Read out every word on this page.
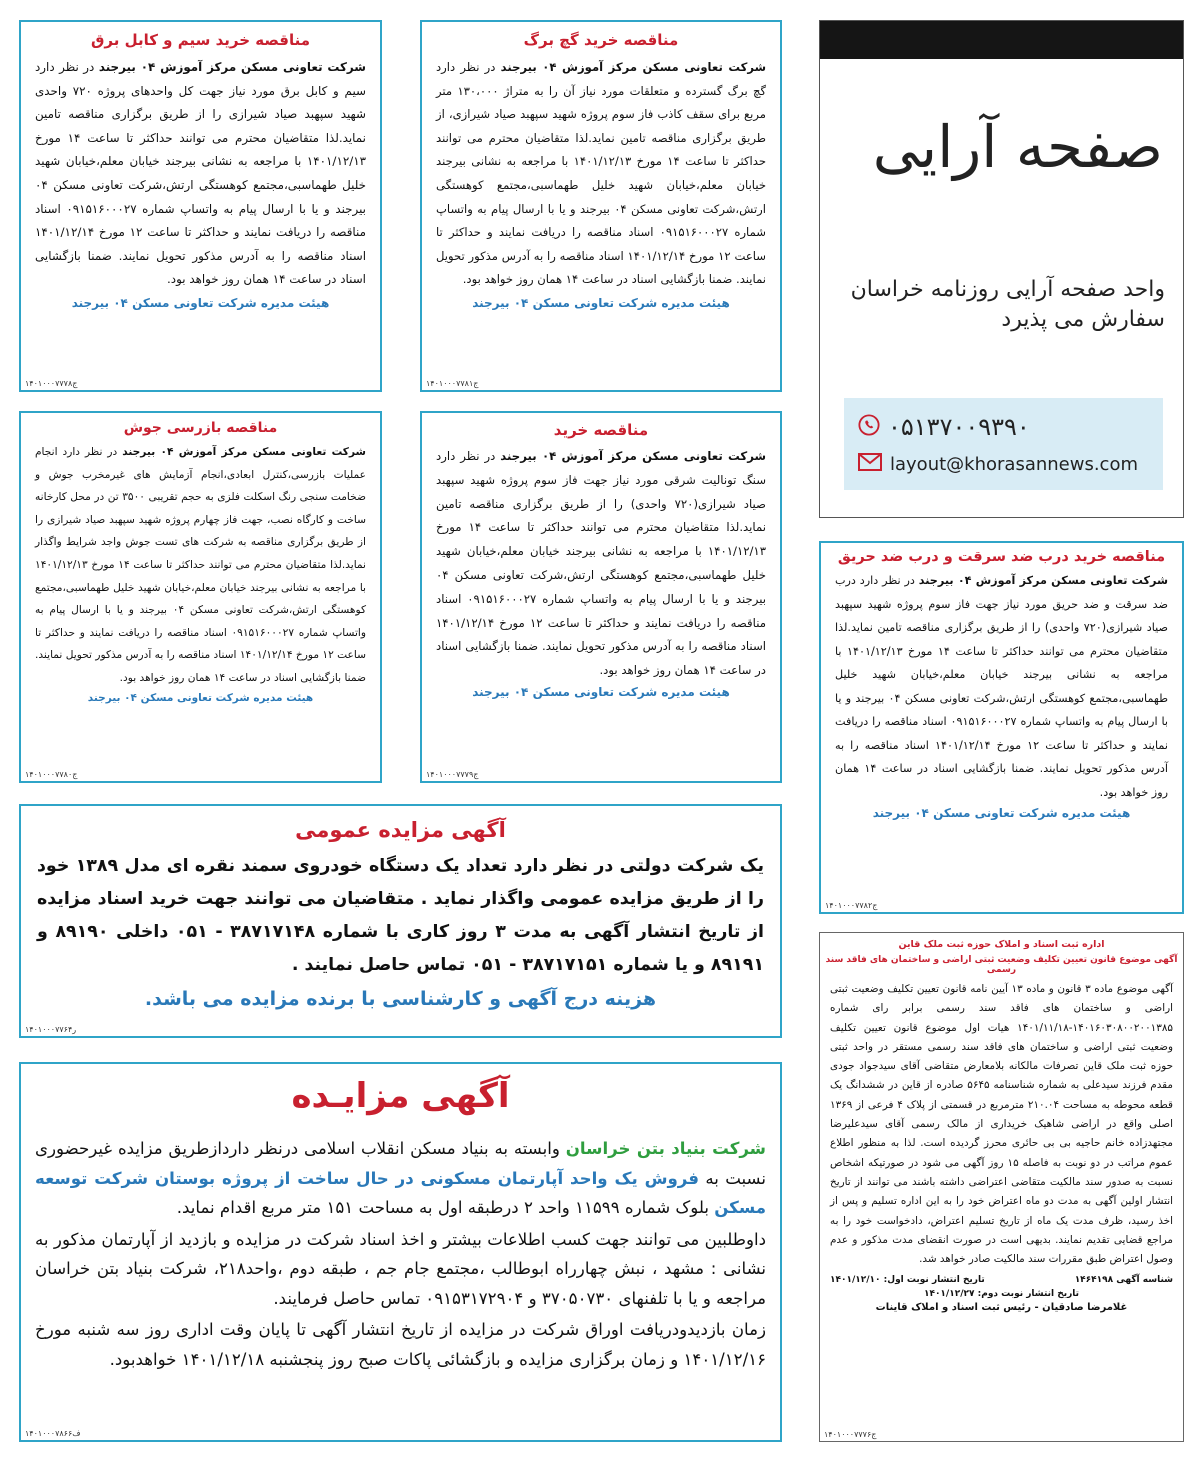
مناقصه خرید سیم و کابل برق

شرکت تعاونی مسکن مرکز آموزش ۰۴ بیرجند در نظر دارد سیم و کابل برق مورد نیاز جهت کل واحدهای پروژه ۷۲۰ واحدی شهید سپهبد صیاد شیرازی را از طریق برگزاری مناقصه تامین نماید.لذا متقاضیان محترم می توانند حداکثر تا ساعت ۱۴ مورخ ۱۴۰۱/۱۲/۱۳ با مراجعه به نشانی بیرجند خیابان معلم،خیابان شهید خلیل طهماسبی،مجتمع کوهستگی ارتش،شرکت تعاونی مسکن ۰۴ بیرجند و یا با ارسال پیام به واتساپ شماره ۰۹۱۵۱۶۰۰۰۲۷ اسناد مناقصه را دریافت نمایند و حداکثر تا ساعت ۱۲ مورخ ۱۴۰۱/۱۲/۱۴ اسناد مناقصه را به آدرس مذکور تحویل نمایند. ضمنا بازگشایی اسناد در ساعت ۱۴ همان روز خواهد بود.

هیئت مدیره شرکت تعاونی مسکن ۰۴ بیرجند
ج۱۴۰۱۰۰۰۷۷۷۸
مناقصه خرید گچ برگ

شرکت تعاونی مسکن مرکز آموزش ۰۴ بیرجند در نظر دارد گچ برگ گسترده و متعلقات مورد نیاز آن را به متراژ ۱۳۰،۰۰۰ متر مربع برای سقف کاذب فاز سوم پروژه شهید سپهبد صیاد شیرازی، از طریق برگزاری مناقصه تامین نماید.لذا متقاضیان محترم می توانند حداکثر تا ساعت ۱۴ مورخ ۱۴۰۱/۱۲/۱۳ با مراجعه به نشانی بیرجند خیابان معلم،خیابان شهید خلیل طهماسبی،مجتمع کوهستگی ارتش،شرکت تعاونی مسکن ۰۴ بیرجند و یا با ارسال پیام به واتساپ شماره ۰۹۱۵۱۶۰۰۰۲۷ اسناد مناقصه را دریافت نمایند و حداکثر تا ساعت ۱۲ مورخ ۱۴۰۱/۱۲/۱۴ اسناد مناقصه را به آدرس مذکور تحویل نمایند. ضمنا بازگشایی اسناد در ساعت ۱۴ همان روز خواهد بود.

هیئت مدیره شرکت تعاونی مسکن ۰۴ بیرجند
ج۱۴۰۱۰۰۰۷۷۸۱
صفحه آرایی
واحد صفحه آرایی روزنامه خراسان
سفارش می پذیرد
۰۵۱۳۷۰۰۹۳۹۰
layout@khorasannews.com
مناقصه بازرسی جوش

شرکت تعاونی مسکن مرکز آموزش ۰۴ بیرجند در نظر دارد انجام عملیات بازرسی،کنترل ابعادی،انجام آزمایش های غیرمخرب جوش و ضخامت سنجی رنگ اسکلت فلزی به حجم تقریبی ۳۵۰۰ تن در محل کارخانه ساخت و کارگاه نصب، جهت فاز چهارم پروژه شهید سپهبد صیاد شیرازی را از طریق برگزاری مناقصه به شرکت های تست جوش واجد شرایط واگذار نماید.لذا متقاضیان محترم می توانند حداکثر تا ساعت ۱۴ مورخ ۱۴۰۱/۱۲/۱۳ با مراجعه به نشانی بیرجند خیابان معلم،خیابان شهید خلیل طهماسبی،مجتمع کوهستگی ارتش،شرکت تعاونی مسکن ۰۴ بیرجند و یا با ارسال پیام به واتساپ شماره ۰۹۱۵۱۶۰۰۰۲۷ اسناد مناقصه را دریافت نمایند و حداکثر تا ساعت ۱۲ مورخ ۱۴۰۱/۱۲/۱۴ اسناد مناقصه را به آدرس مذکور تحویل نمایند. ضمنا بازگشایی اسناد در ساعت ۱۴ همان روز خواهد بود.

هیئت مدیره شرکت تعاونی مسکن ۰۴ بیرجند
ج۱۴۰۱۰۰۰۷۷۸۰
مناقصه خرید

شرکت تعاونی مسکن مرکز آموزش ۰۴ بیرجند در نظر دارد سنگ تونالیت شرقی مورد نیاز جهت فاز سوم پروژه شهید سپهبد صیاد شیرازی(۷۲۰ واحدی) را از طریق برگزاری مناقصه تامین نماید.لذا متقاضیان محترم می توانند حداکثر تا ساعت ۱۴ مورخ ۱۴۰۱/۱۲/۱۳ با مراجعه به نشانی بیرجند خیابان معلم،خیابان شهید خلیل طهماسبی،مجتمع کوهستگی ارتش،شرکت تعاونی مسکن ۰۴ بیرجند و یا با ارسال پیام به واتساپ شماره ۰۹۱۵۱۶۰۰۰۲۷ اسناد مناقصه را دریافت نمایند و حداکثر تا ساعت ۱۲ مورخ ۱۴۰۱/۱۲/۱۴ اسناد مناقصه را به آدرس مذکور تحویل نمایند. ضمنا بازگشایی اسناد در ساعت ۱۴ همان روز خواهد بود.

هیئت مدیره شرکت تعاونی مسکن ۰۴ بیرجند
ج۱۴۰۱۰۰۰۷۷۷۹
مناقصه خرید درب ضد سرقت و درب ضد حریق

شرکت تعاونی مسکن مرکز آموزش ۰۴ بیرجند در نظر دارد درب ضد سرقت و ضد حریق مورد نیاز جهت فاز سوم پروژه شهید سپهبد صیاد شیرازی(۷۲۰ واحدی) را از طریق برگزاری مناقصه تامین نماید.لذا متقاضیان محترم می توانند حداکثر تا ساعت ۱۴ مورخ ۱۴۰۱/۱۲/۱۳ با مراجعه به نشانی بیرجند خیابان معلم،خیابان شهید خلیل طهماسبی،مجتمع کوهستگی ارتش،شرکت تعاونی مسکن ۰۴ بیرجند و یا با ارسال پیام به واتساپ شماره ۰۹۱۵۱۶۰۰۰۲۷ اسناد مناقصه را دریافت نمایند و حداکثر تا ساعت ۱۲ مورخ ۱۴۰۱/۱۲/۱۴ اسناد مناقصه را به آدرس مذکور تحویل نمایند. ضمنا بازگشایی اسناد در ساعت ۱۴ همان روز خواهد بود.

هیئت مدیره شرکت تعاونی مسکن ۰۴ بیرجند
ج۱۴۰۱۰۰۰۷۷۸۲
آگهی مزایده عمومی

یک شرکت دولتی در نظر دارد تعداد یک دستگاه خودروی سمند نقره ای مدل ۱۳۸۹ خود را از طریق مزایده عمومی واگذار نماید . متقاضیان می توانند جهت خرید اسناد مزایده از تاریخ انتشار آگهی به مدت ۳ روز کاری با شماره ۳۸۷۱۷۱۴۸ - ۰۵۱ داخلی ۸۹۱۹۰ و ۸۹۱۹۱ و یا شماره ۳۸۷۱۷۱۵۱ - ۰۵۱ تماس حاصل نمایند .

هزینه درج آگهی و کارشناسی با برنده مزایده می باشد.
ر۱۴۰۱۰۰۰۷۷۶۴
آگهی مزایـده

شرکت بنیاد بتن خراسان وابسته به بنیاد مسکن انقلاب اسلامی درنظر داردازطریق مزایده غیرحضوری نسبت به فروش یک واحد آپارتمان مسکونی در حال ساخت از پروژه بوستان شرکت توسعه مسکن بلوک شماره ۱۱۵۹۹ واحد ۲ درطبقه اول به مساحت ۱۵۱ متر مربع اقدام نماید.

داوطلبین می توانند جهت کسب اطلاعات بیشتر و اخذ اسناد شرکت در مزایده و بازدید از آپارتمان مذکور به نشانی : مشهد ، نبش چهارراه ابوطالب ،مجتمع جام جم ، طبقه دوم ،واحد۲۱۸، شرکت بنیاد بتن خراسان مراجعه و یا با تلفنهای ۳۷۰۵۰۷۳۰ و ۰۹۱۵۳۱۷۲۹۰۴ تماس حاصل فرمایند.

زمان بازدیدودریافت اوراق شرکت در مزایده از تاریخ انتشار آگهی تا پایان وقت اداری روز سه شنبه مورخ ۱۴۰۱/۱۲/۱۶ و زمان برگزاری مزایده و بازگشائی پاکات صبح روز پنجشنبه ۱۴۰۱/۱۲/۱۸ خواهدبود.

ف۱۴۰۱۰۰۰۷۸۶۶
اداره ثبت اسناد و املاک حوزه ثبت ملک قاین
آگهی موضوع قانون تعیین تکلیف وضعیت ثبتی اراضی و ساختمان های فاقد سند رسمی

آگهی موضوع ماده ۳ قانون و ماده ۱۳ آیین نامه قانون تعیین تکلیف وضعیت ثبتی اراضی و ساختمان های فاقد سند رسمی برابر رای شماره ۱۴۰۱۶۰۳۰۸۰۰۲۰۰۱۳۸۵-۱۴۰۱/۱۱/۱۸ هیات اول موضوع قانون تعیین تکلیف وضعیت ثبتی اراضی و ساختمان های فاقد سند رسمی مستقر در واحد ثبتی حوزه ثبت ملک قاین تصرفات مالکانه بلامعارض متقاضی آقای سیدجواد جودی مقدم فرزند سیدعلی به شماره شناسنامه ۵۶۴۵ صادره از قاین در ششدانگ یک قطعه محوطه به مساحت ۲۱۰.۰۴ مترمربع در قسمتی از پلاک ۴ فرعی از ۱۳۶۹ اصلی واقع در اراضی شاهیک خریداری از مالک رسمی آقای سیدعلیرضا مجتهدزاده خانم حاجیه بی بی حائری محرز گردیده است. لذا به منظور اطلاع عموم مراتب در دو نوبت به فاصله ۱۵ روز آگهی می شود در صورتیکه اشخاص نسبت به صدور سند مالکیت متقاضی اعتراضی داشته باشند می توانند از تاریخ انتشار اولین آگهی به مدت دو ماه اعتراض خود را به این اداره تسلیم و پس از اخذ رسید، ظرف مدت یک ماه از تاریخ تسلیم اعتراض، دادخواست خود را به مراجع قضایی تقدیم نمایند. بدیهی است در صورت انقضای مدت مذکور و عدم وصول اعتراض طبق مقررات سند مالکیت صادر خواهد شد.

شناسه آگهی ۱۴۶۴۱۹۸
تاریخ انتشار نوبت اول: ۱۴۰۱/۱۲/۱۰
تاریخ انتشار نوبت دوم: ۱۴۰۱/۱۲/۲۷
غلامرضا صادقیان - رئیس ثبت اسناد و املاک قاینات
ج۱۴۰۱۰۰۰۷۷۷۶
